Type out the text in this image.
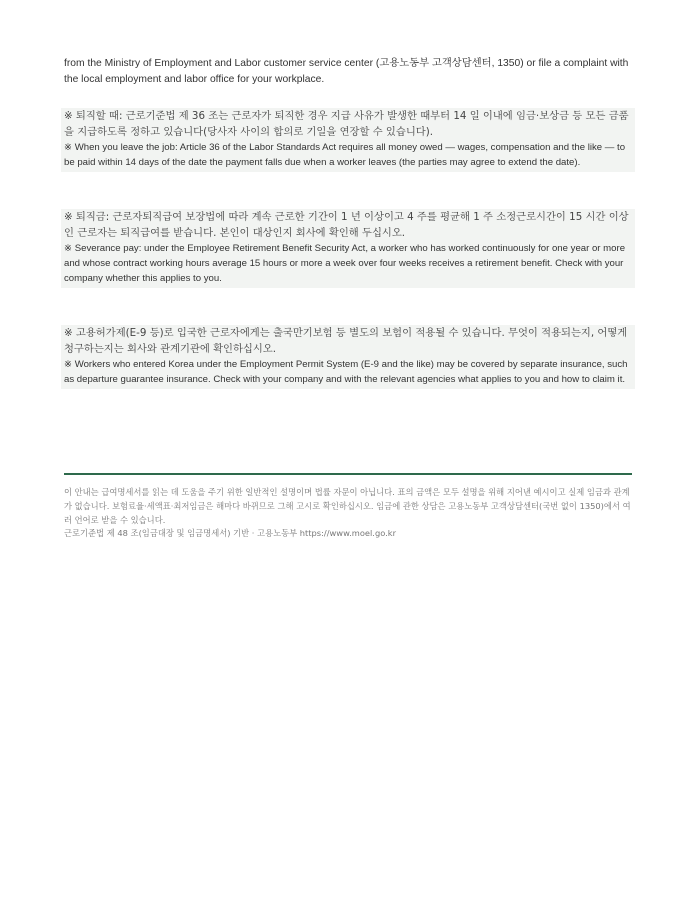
from the Ministry of Employment and Labor customer service center (고용노동부 고객상담센터, 1350) or file a complaint with the local employment and labor office for your workplace.

※ 퇴직할 때: 근로기준법 제 36 조는 근로자가 퇴직한 경우 지급 사유가 발생한 때부터 14 일 이내에 임금·보상금 등 모든 금품을 지급하도록 정하고 있습니다(당사자 사이의 합의로 기일을 연장할 수 있습니다).

※ When you leave the job: Article 36 of the Labor Standards Act requires all money owed — wages, compensation and the like — to be paid within 14 days of the date the payment falls due when a worker leaves (the parties may agree to extend the date).

※ 퇴직금: 근로자퇴직급여 보장법에 따라 계속 근로한 기간이 1 년 이상이고 4 주를 평균해 1 주 소정근로시간이 15 시간 이상인 근로자는 퇴직급여를 받습니다. 본인이 대상인지 회사에 확인해 두십시오.

※ Severance pay: under the Employee Retirement Benefit Security Act, a worker who has worked continuously for one year or more and whose contract working hours average 15 hours or more a week over four weeks receives a retirement benefit. Check with your company whether this applies to you.

※ 고용허가제(E-9 등)로 입국한 근로자에게는 출국만기보험 등 별도의 보험이 적용될 수 있습니다. 무엇이 적용되는지, 어떻게 청구하는지는 회사와 관계기관에 확인하십시오.

※ Workers who entered Korea under the Employment Permit System (E-9 and the like) may be covered by separate insurance, such as departure guarantee insurance. Check with your company and with the relevant agencies what applies to you and how to claim it.

이 안내는 급여명세서를 읽는 데 도움을 주기 위한 일반적인 설명이며 법률 자문이 아닙니다. 표의 금액은 모두 설명을 위해 지어낸 예시이고 실제 임금과 관계가 없습니다. 보험료율·세액표·최저임금은 해마다 바뀌므로 그해 고시로 확인하십시오. 임금에 관한 상담은 고용노동부 고객상담센터(국번 없이 1350)에서 여러 언어로 받을 수 있습니다.

근로기준법 제 48 조(임금대장 및 임금명세서) 기반 · 고용노동부 https://www.moel.go.kr
